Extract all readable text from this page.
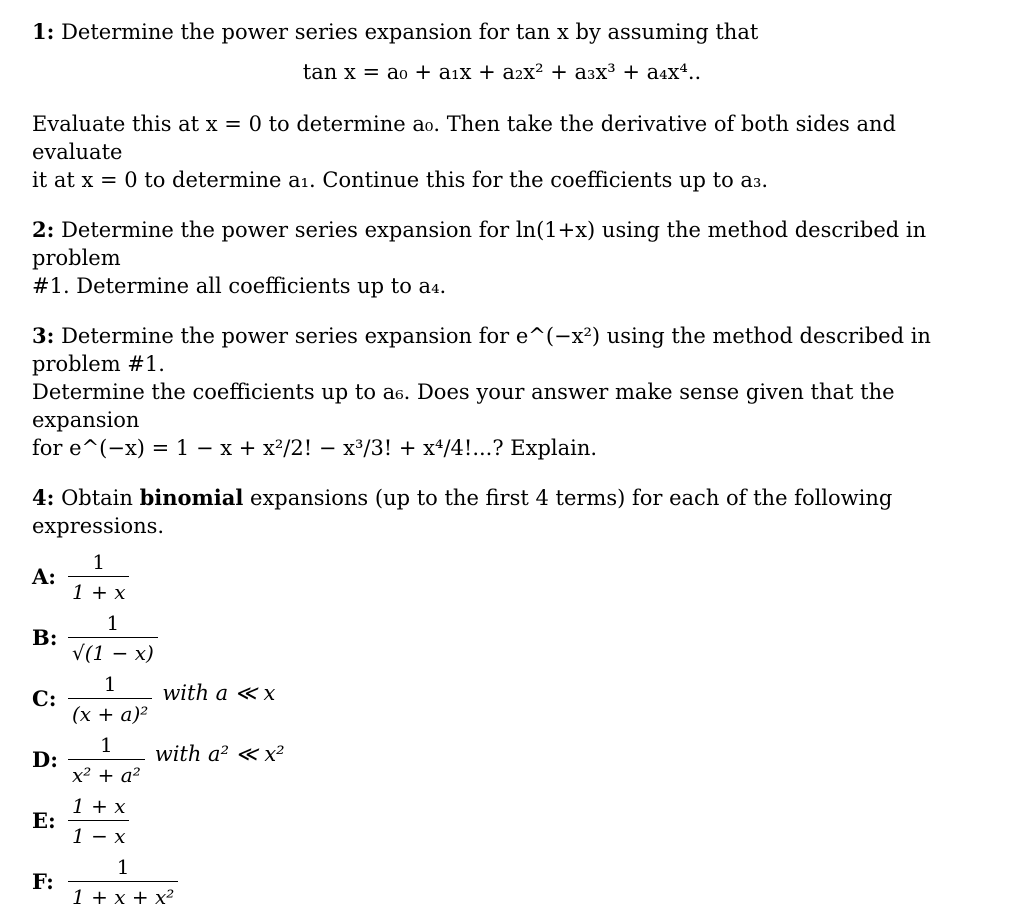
1: Determine the power series expansion for tan x by assuming that

tan x = a₀ + a₁x + a₂x² + a₃x³ + a₄x⁴..

Evaluate this at x = 0 to determine a₀. Then take the derivative of both sides and evaluate

it at x = 0 to determine a₁. Continue this for the coefficients up to a₃.

2: Determine the power series expansion for ln(1+x) using the method described in problem

#1. Determine all coefficients up to a₄.

3: Determine the power series expansion for e^(−x²) using the method described in problem #1.

Determine the coefficients up to a₆. Does your answer make sense given that the expansion

for e^(−x) = 1 − x + x²/2! − x³/3! + x⁴/4!...? Explain.

4: Obtain binomial expansions (up to the first 4 terms) for each of the following expressions.

A: $\frac{1}{1 + x}$
B: $\frac{1}{√(1 - x)}$
C: $\frac{1}{\text{(x + a)²}}$ with a ≪ x
D: $\frac{1}{\text{x² + a²}}$ with a² ≪ x²
E: $\frac{1 + x}{1 - x}$
F: $\frac{1}{\text{1 + x + x²}}$
